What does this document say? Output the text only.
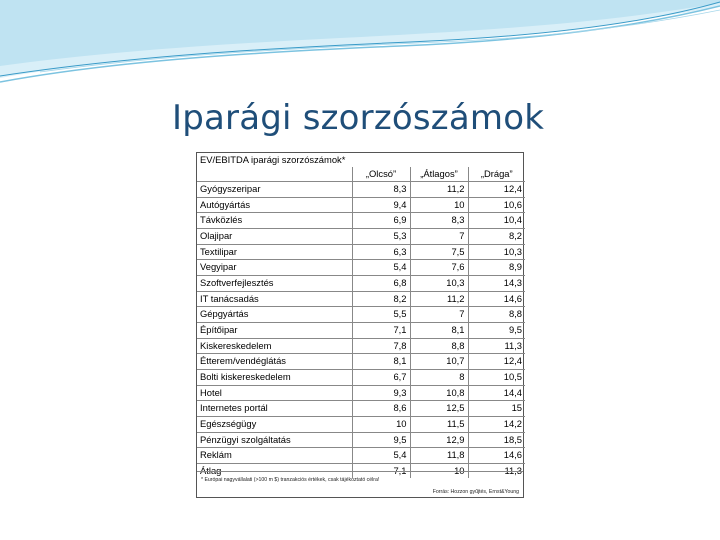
Iparági szorzószámok
EV/EBITDA iparági szorzószámok*			
	„Olcsó”	„Átlagos”	„Drága”
Gyógyszeripar	8,3	11,2	12,4
Autógyártás	9,4	10	10,6
Távközlés	6,9	8,3	10,4
Olajipar	5,3	7	8,2
Textilipar	6,3	7,5	10,3
Vegyipar	5,4	7,6	8,9
Szoftverfejlesztés	6,8	10,3	14,3
IT tanácsadás	8,2	11,2	14,6
Gépgyártás	5,5	7	8,8
Építőipar	7,1	8,1	9,5
Kiskereskedelem	7,8	8,8	11,3
Étterem/vendéglátás	8,1	10,7	12,4
Bolti kiskereskedelem	6,7	8	10,5
Hotel	9,3	10,8	14,4
Internetes portál	8,6	12,5	15
Egészségügy	10	11,5	14,2
Pénzügyi szolgáltatás	9,5	12,9	18,5
Reklám	5,4	11,8	14,6
Átlag	7,1	10	11,3
* Európai nagyvállalati (>100 m $) tranzakciós értékek, csak tájékoztató célra!
Forrás: Hozzon gyűjtés, Ernst&Young
